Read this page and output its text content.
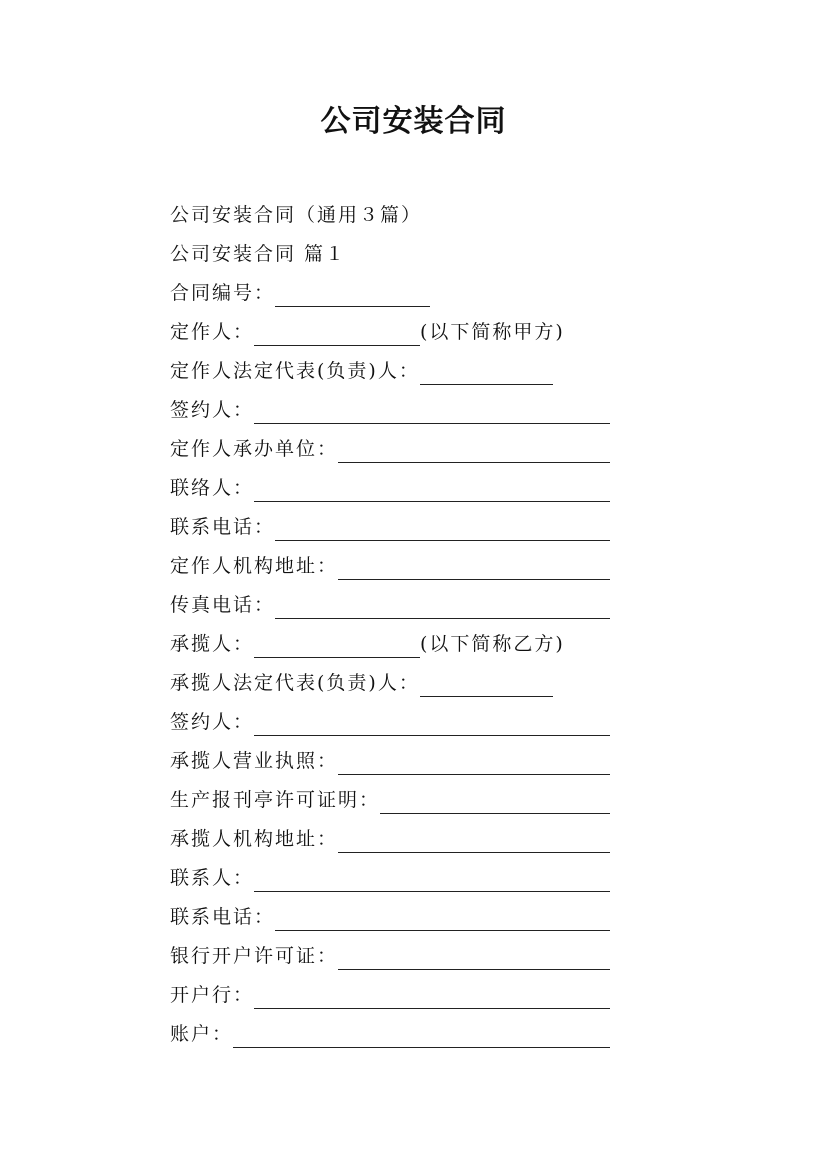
公司安装合同
公司安装合同（通用３篇）
公司安装合同 篇１
合同编号：
定作人：	(以下简称甲方)
定作人法定代表(负责)人：
签约人：
定作人承办单位：
联络人：
联系电话：
定作人机构地址：
传真电话：
承揽人：	(以下简称乙方)
承揽人法定代表(负责)人：
签约人：
承揽人营业执照：
生产报刊亭许可证明：
承揽人机构地址：
联系人：
联系电话：
银行开户许可证：
开户行：
账户：
